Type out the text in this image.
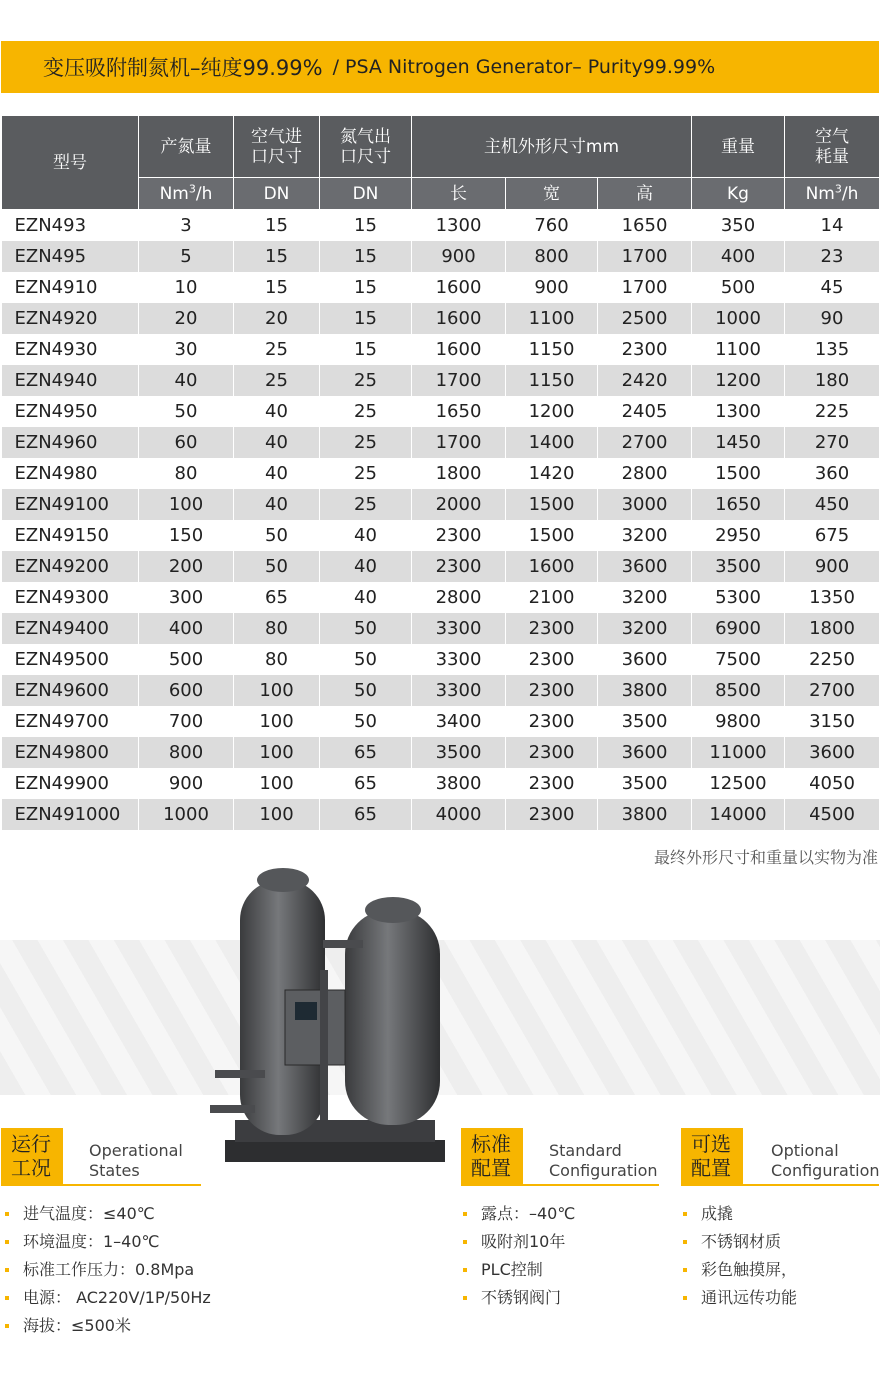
变压吸附制氮机–纯度99.99% / PSA Nitrogen Generator– Purity99.99%
型号	产氮量	空气进口尺寸	氮气出口尺寸	主机外形尺寸mm			重量	空气耗量
	Nm$^3$/h	DN	DN	长	宽	高	Kg	Nm$^3$/h
EZN493	3	15	15	1300	760	1650	350	14
EZN495	5	15	15	900	800	1700	400	23
EZN4910	10	15	15	1600	900	1700	500	45
EZN4920	20	20	15	1600	1100	2500	1000	90
EZN4930	30	25	15	1600	1150	2300	1100	135
EZN4940	40	25	25	1700	1150	2420	1200	180
EZN4950	50	40	25	1650	1200	2405	1300	225
EZN4960	60	40	25	1700	1400	2700	1450	270
EZN4980	80	40	25	1800	1420	2800	1500	360
EZN49100	100	40	25	2000	1500	3000	1650	450
EZN49150	150	50	40	2300	1500	3200	2950	675
EZN49200	200	50	40	2300	1600	3600	3500	900
EZN49300	300	65	40	2800	2100	3200	5300	1350
EZN49400	400	80	50	3300	2300	3200	6900	1800
EZN49500	500	80	50	3300	2300	3600	7500	2250
EZN49600	600	100	50	3300	2300	3800	8500	2700
EZN49700	700	100	50	3400	2300	3500	9800	3150
EZN49800	800	100	65	3500	2300	3600	11000	3600
EZN49900	900	100	65	3800	2300	3500	12500	4050
EZN491000	1000	100	65	4000	2300	3800	14000	4500
最终外形尺寸和重量以实物为准
运行
工况
Operational
States
标准
配置
Standard
Configuration
可选
配置
Optional
Configuration
进气温度：≤40℃
环境温度：1–40℃
标准工作压力：0.8Mpa
电源： AC220V/1P/50Hz
海拔：≤500米
露点：–40℃
吸附剂10年
PLC控制
不锈钢阀门
成撬
不锈钢材质
彩色触摸屏，
通讯远传功能
